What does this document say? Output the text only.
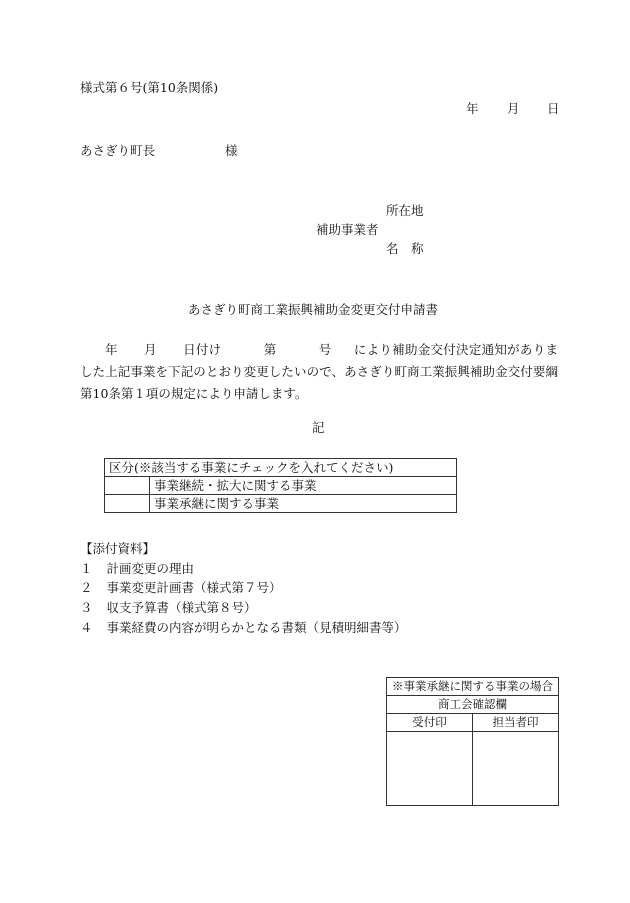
様式第６号(第10条関係)
年 月 日
あさぎり町長	様
所在地
補助事業者
名　称
あさぎり町商工業振興補助金変更交付申請書
年 月 日付け	第	号 により補助金交付決定通知がありました上記事業を下記のとおり変更したいので、あさぎり町商工業振興補助金交付要綱第10条第１項の規定により申請します。
記
区分(※該当する事業にチェックを入れてください)	
	事業継続・拡大に関する事業
	事業承継に関する事業
【添付資料】
１ 計画変更の理由
２ 事業変更計画書（様式第７号）
３ 収支予算書（様式第８号）
４ 事業経費の内容が明らかとなる書類（見積明細書等）
※事業承継に関する事業の場合	
商工会確認欄	
受付印	担当者印
